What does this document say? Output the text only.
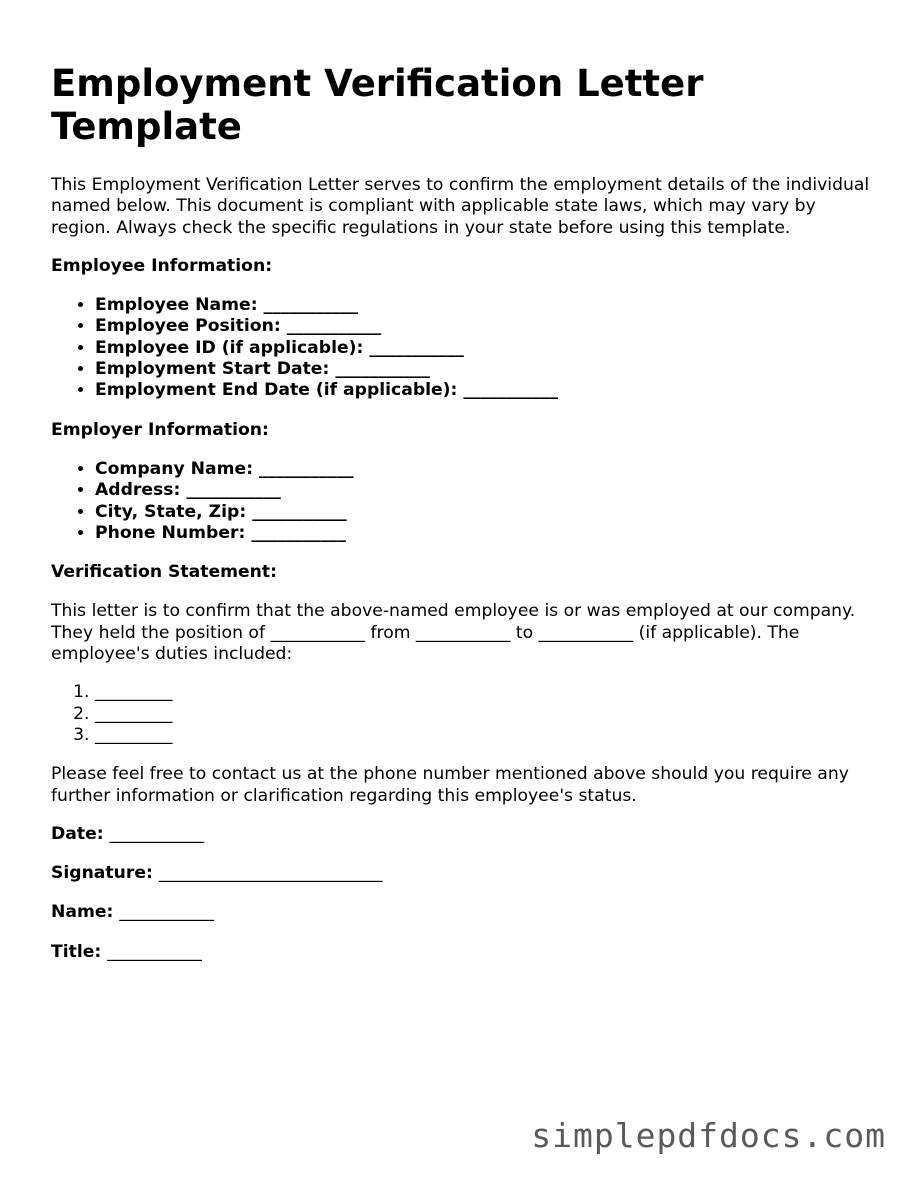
Employment Verification Letter Template

This Employment Verification Letter serves to confirm the employment details of the individual named below. This document is compliant with applicable state laws, which may vary by region. Always check the specific regulations in your state before using this template.

Employee Information:
• Employee Name: ___________
• Employee Position: ___________
• Employee ID (if applicable): ___________
• Employment Start Date: ___________
• Employment End Date (if applicable): ___________
Employer Information:
• Company Name: ___________
• Address: ___________
• City, State, Zip: ___________
• Phone Number: ___________
Verification Statement:

This letter is to confirm that the above-named employee is or was employed at our company. They held the position of ___________ from ___________ to ___________ (if applicable). The employee's duties included:

1. _________
2. _________
3. _________

Please feel free to contact us at the phone number mentioned above should you require any further information or clarification regarding this employee's status.

Date: ___________
Signature: __________________________
Name: ___________
Title: ___________
simplepdfdocs.com
